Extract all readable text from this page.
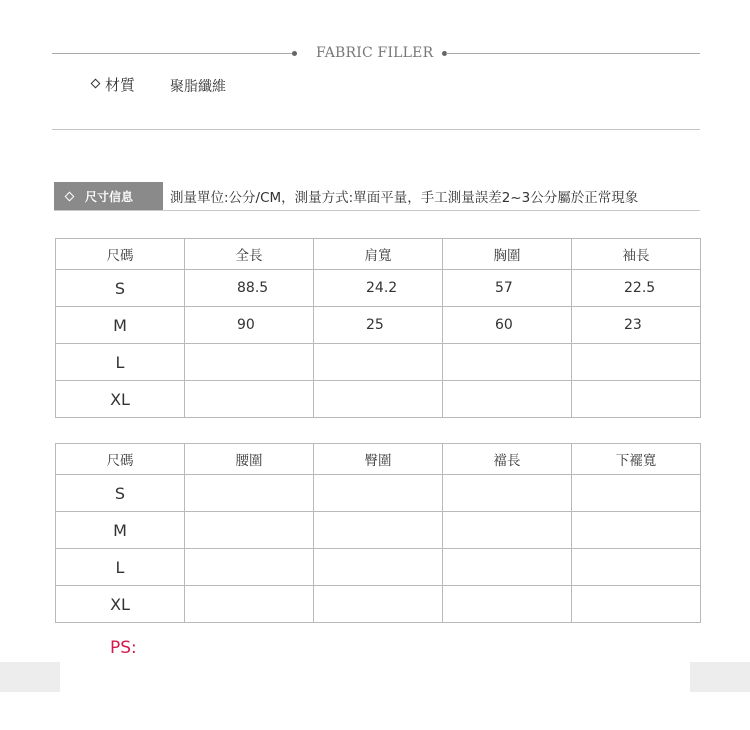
FABRIC FILLER
材質 聚脂纖維
尺寸信息	測量單位:公分/CM，測量方式:單面平量，手工測量誤差2~3公分屬於正常現象
尺碼	全長	肩寬	胸圍	袖長
S	88.5	24.2	57	22.5
M	90	25	60	23
L				
XL				
尺碼	腰圍	臀圍	襠長	下襬寬
S				
M				
L				
XL				
PS:
